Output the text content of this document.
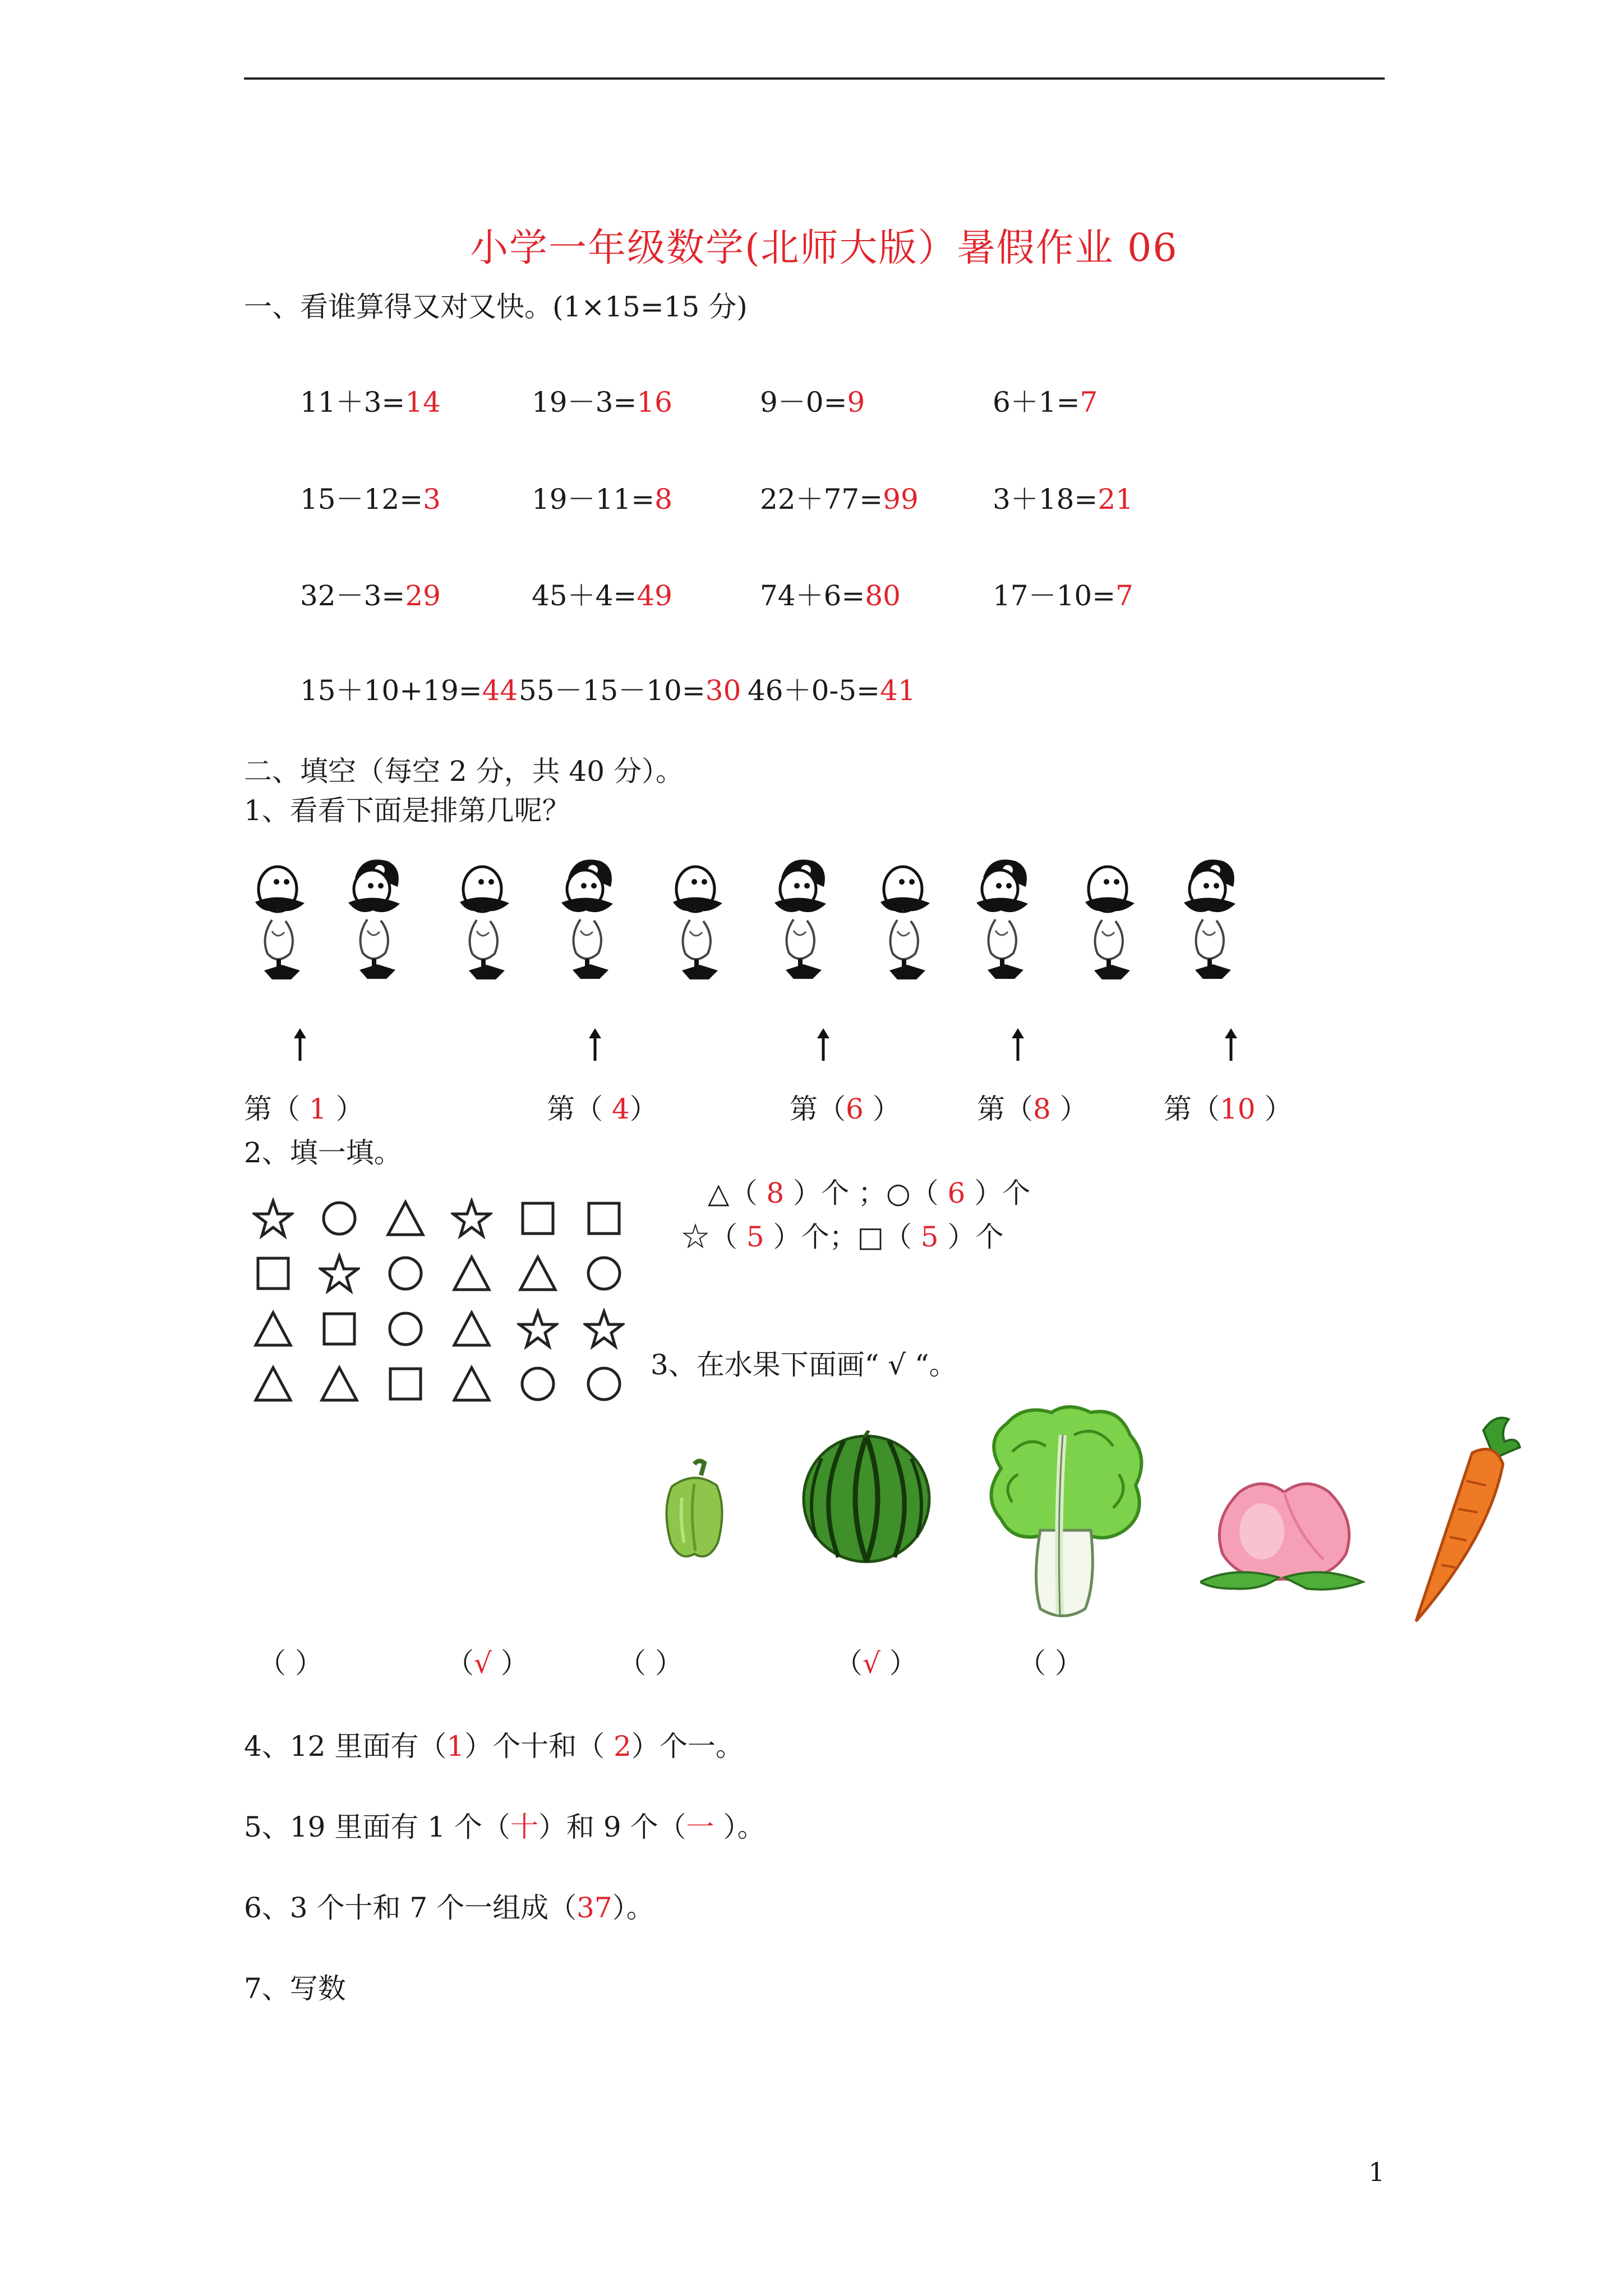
小学一年级数学(北师大版）暑假作业 06
一、看谁算得又对又快。(1×15=15 分)
11＋3=14	19－3=16	9－0=9	6＋1=7
15－12=3	19－11=8	22＋77=99	3＋18=21
32－3=29	45＋4=49	74＋6=80	17－10=7
15＋10+19=44 55－15－10=30 46＋0-5=41
二、填空（每空 2 分，共 40 分）。
1、看看下面是排第几呢？
第（ 1 ）	第（ 4）	第（6 ）	第（8 ）	第（10 ）
2、填一填。
△（ 8 ）个 ；○（ 6 ）个
☆（ 5 ）个；□（ 5 ）个
3、在水果下面画“ √ “。
（ ）	（√ ）	（ ）	（√ ）	（ ）
4、12 里面有（1）个十和（ 2）个一。
5、19 里面有 1 个（十）和 9 个（一 ）。
6、3 个十和 7 个一组成（37）。
7、写数
1
